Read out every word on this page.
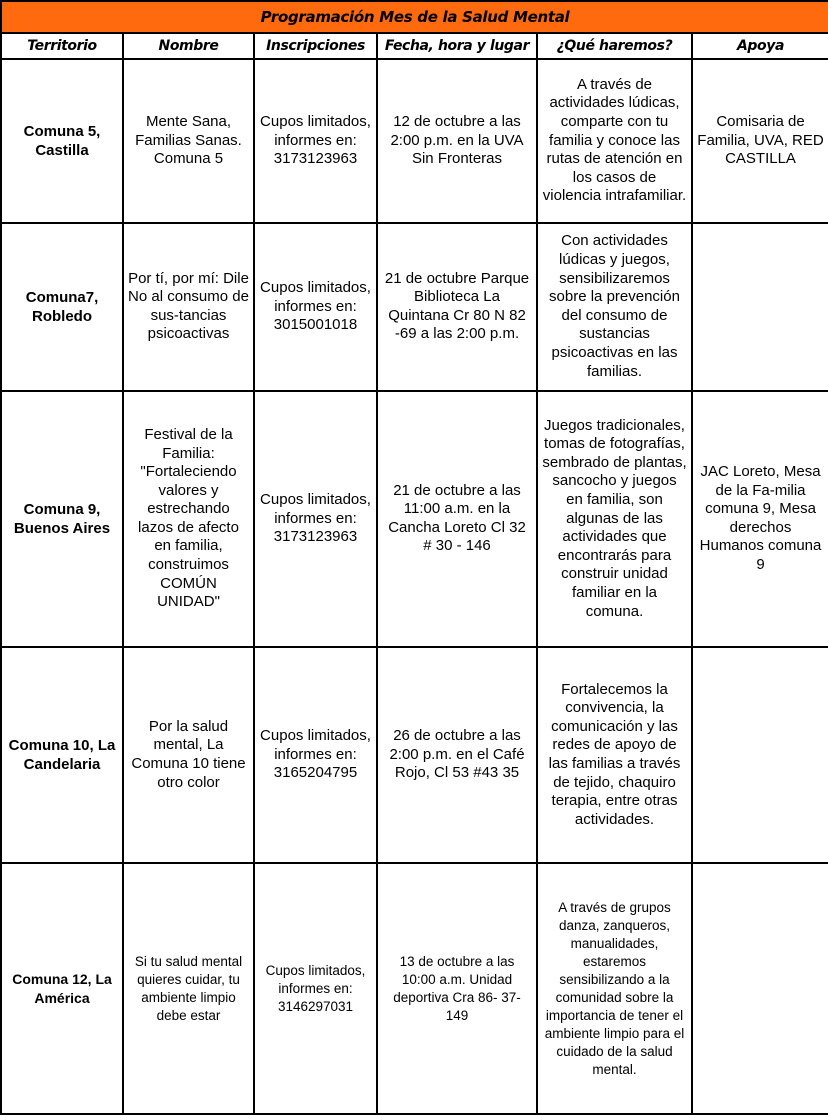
Programación Mes de la Salud Mental					
Territorio	Nombre	Inscripciones	Fecha, hora y lugar	¿Qué haremos?	Apoya
Comuna 5, Castilla	Mente Sana, Familias Sanas. Comuna 5	Cupos limitados, informes en: 3173123963	12 de octubre a las 2:00 p.m. en la UVA Sin Fronteras	A través de actividades lúdicas, comparte con tu familia y conoce las rutas de atención en los casos de violencia intrafamiliar.	Comisaria de Familia, UVA, RED CASTILLA
Comuna7, Robledo	Por tí, por mí: Dile No al consumo de sus-tancias psicoactivas	Cupos limitados, informes en: 3015001018	21 de octubre Parque Biblioteca La Quintana Cr 80 N 82 -69 a las 2:00 p.m.	Con actividades lúdicas y juegos, sensibilizaremos sobre la prevención del consumo de sustancias psicoactivas en las familias.	
Comuna 9, Buenos Aires	Festival de la Familia: "Fortaleciendo valores y estrechando lazos de afecto en familia, construimos COMÚN UNIDAD"	Cupos limitados, informes en: 3173123963	21 de octubre a las 11:00 a.m. en la Cancha Loreto Cl 32 # 30 - 146	Juegos tradicionales, tomas de fotografías, sembrado de plantas, sancocho y juegos en familia, son algunas de las actividades que encontrarás para construir unidad familiar en la comuna.	JAC Loreto, Mesa de la Fa-milia comuna 9, Mesa derechos Humanos comuna 9
Comuna 10, La Candelaria	Por la salud mental, La Comuna 10 tiene otro color	Cupos limitados, informes en: 3165204795	26 de octubre a las 2:00 p.m. en el Café Rojo, Cl 53 #43 35	Fortalecemos la convivencia, la comunicación y las redes de apoyo de las familias a través de tejido, chaquiro terapia, entre otras actividades.	
Comuna 12, La América	Si tu salud mental quieres cuidar, tu ambiente limpio debe estar	Cupos limitados, informes en: 3146297031	13 de octubre a las 10:00 a.m. Unidad deportiva Cra 86- 37- 149	A través de grupos danza, zanqueros, manualidades, estaremos sensibilizando a la comunidad sobre la importancia de tener el ambiente limpio para el cuidado de la salud mental.	
